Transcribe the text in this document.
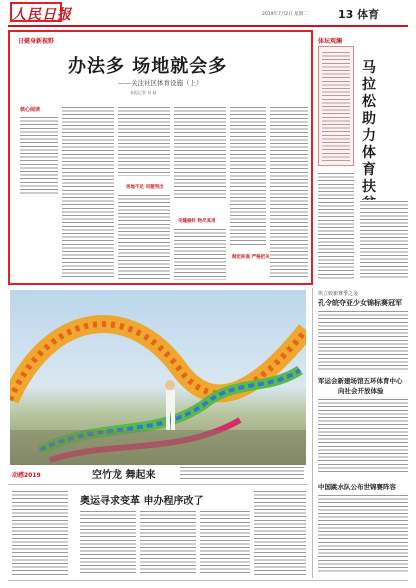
人民日报	2019年7月2日 星期二	13 体育
日健身新视野
办法多 场地就会多
——关注社区体育设施（上）
本报记者 刘 硕
核心阅读
场地不足 问题突出
见缝插针 物尽其用
制定标准 严格把关
体坛观澜
马拉松助力体育扶
动感2019	空竹龙 舞起来
巩立姣新赛季之金
孔令皖夺亚少女锦标赛冠军
军运会新建场馆五环体育中心
向社会开放体验
中国跳水队公布世锦赛阵容
奥运寻求变革 申办程序改了
